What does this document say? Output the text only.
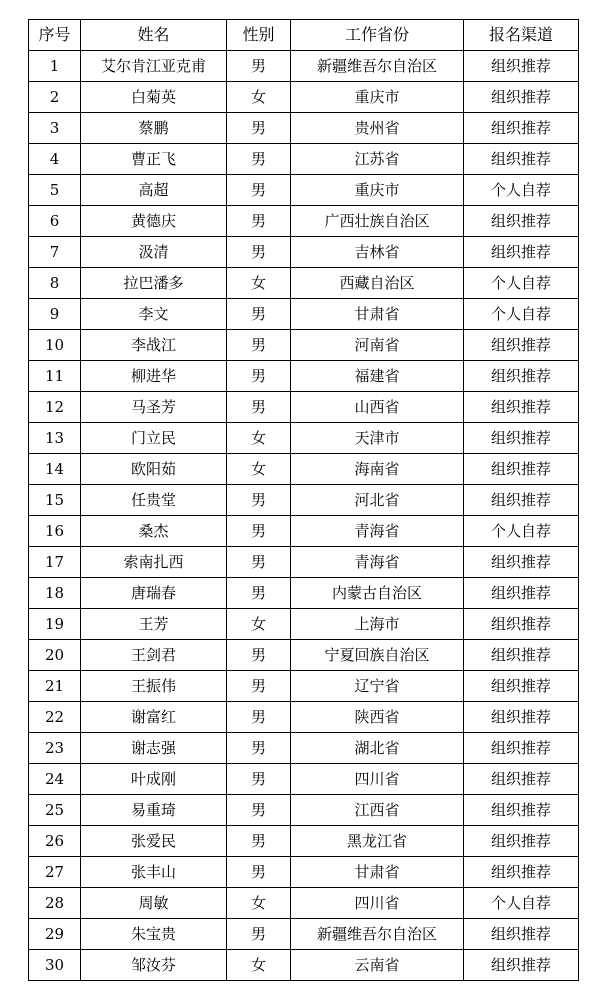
序号	姓名	性别	工作省份	报名渠道
1	艾尔肯江亚克甫	男	新疆维吾尔自治区	组织推荐
2	白菊英	女	重庆市	组织推荐
3	蔡鹏	男	贵州省	组织推荐
4	曹正飞	男	江苏省	组织推荐
5	高超	男	重庆市	个人自荐
6	黄德庆	男	广西壮族自治区	组织推荐
7	汲清	男	吉林省	组织推荐
8	拉巴潘多	女	西藏自治区	个人自荐
9	李文	男	甘肃省	个人自荐
10	李战江	男	河南省	组织推荐
11	柳进华	男	福建省	组织推荐
12	马圣芳	男	山西省	组织推荐
13	门立民	女	天津市	组织推荐
14	欧阳茹	女	海南省	组织推荐
15	任贵堂	男	河北省	组织推荐
16	桑杰	男	青海省	个人自荐
17	索南扎西	男	青海省	组织推荐
18	唐瑞春	男	内蒙古自治区	组织推荐
19	王芳	女	上海市	组织推荐
20	王剑君	男	宁夏回族自治区	组织推荐
21	王振伟	男	辽宁省	组织推荐
22	谢富红	男	陕西省	组织推荐
23	谢志强	男	湖北省	组织推荐
24	叶成刚	男	四川省	组织推荐
25	易重琦	男	江西省	组织推荐
26	张爱民	男	黑龙江省	组织推荐
27	张丰山	男	甘肃省	组织推荐
28	周敏	女	四川省	个人自荐
29	朱宝贵	男	新疆维吾尔自治区	组织推荐
30	邹汝芬	女	云南省	组织推荐
